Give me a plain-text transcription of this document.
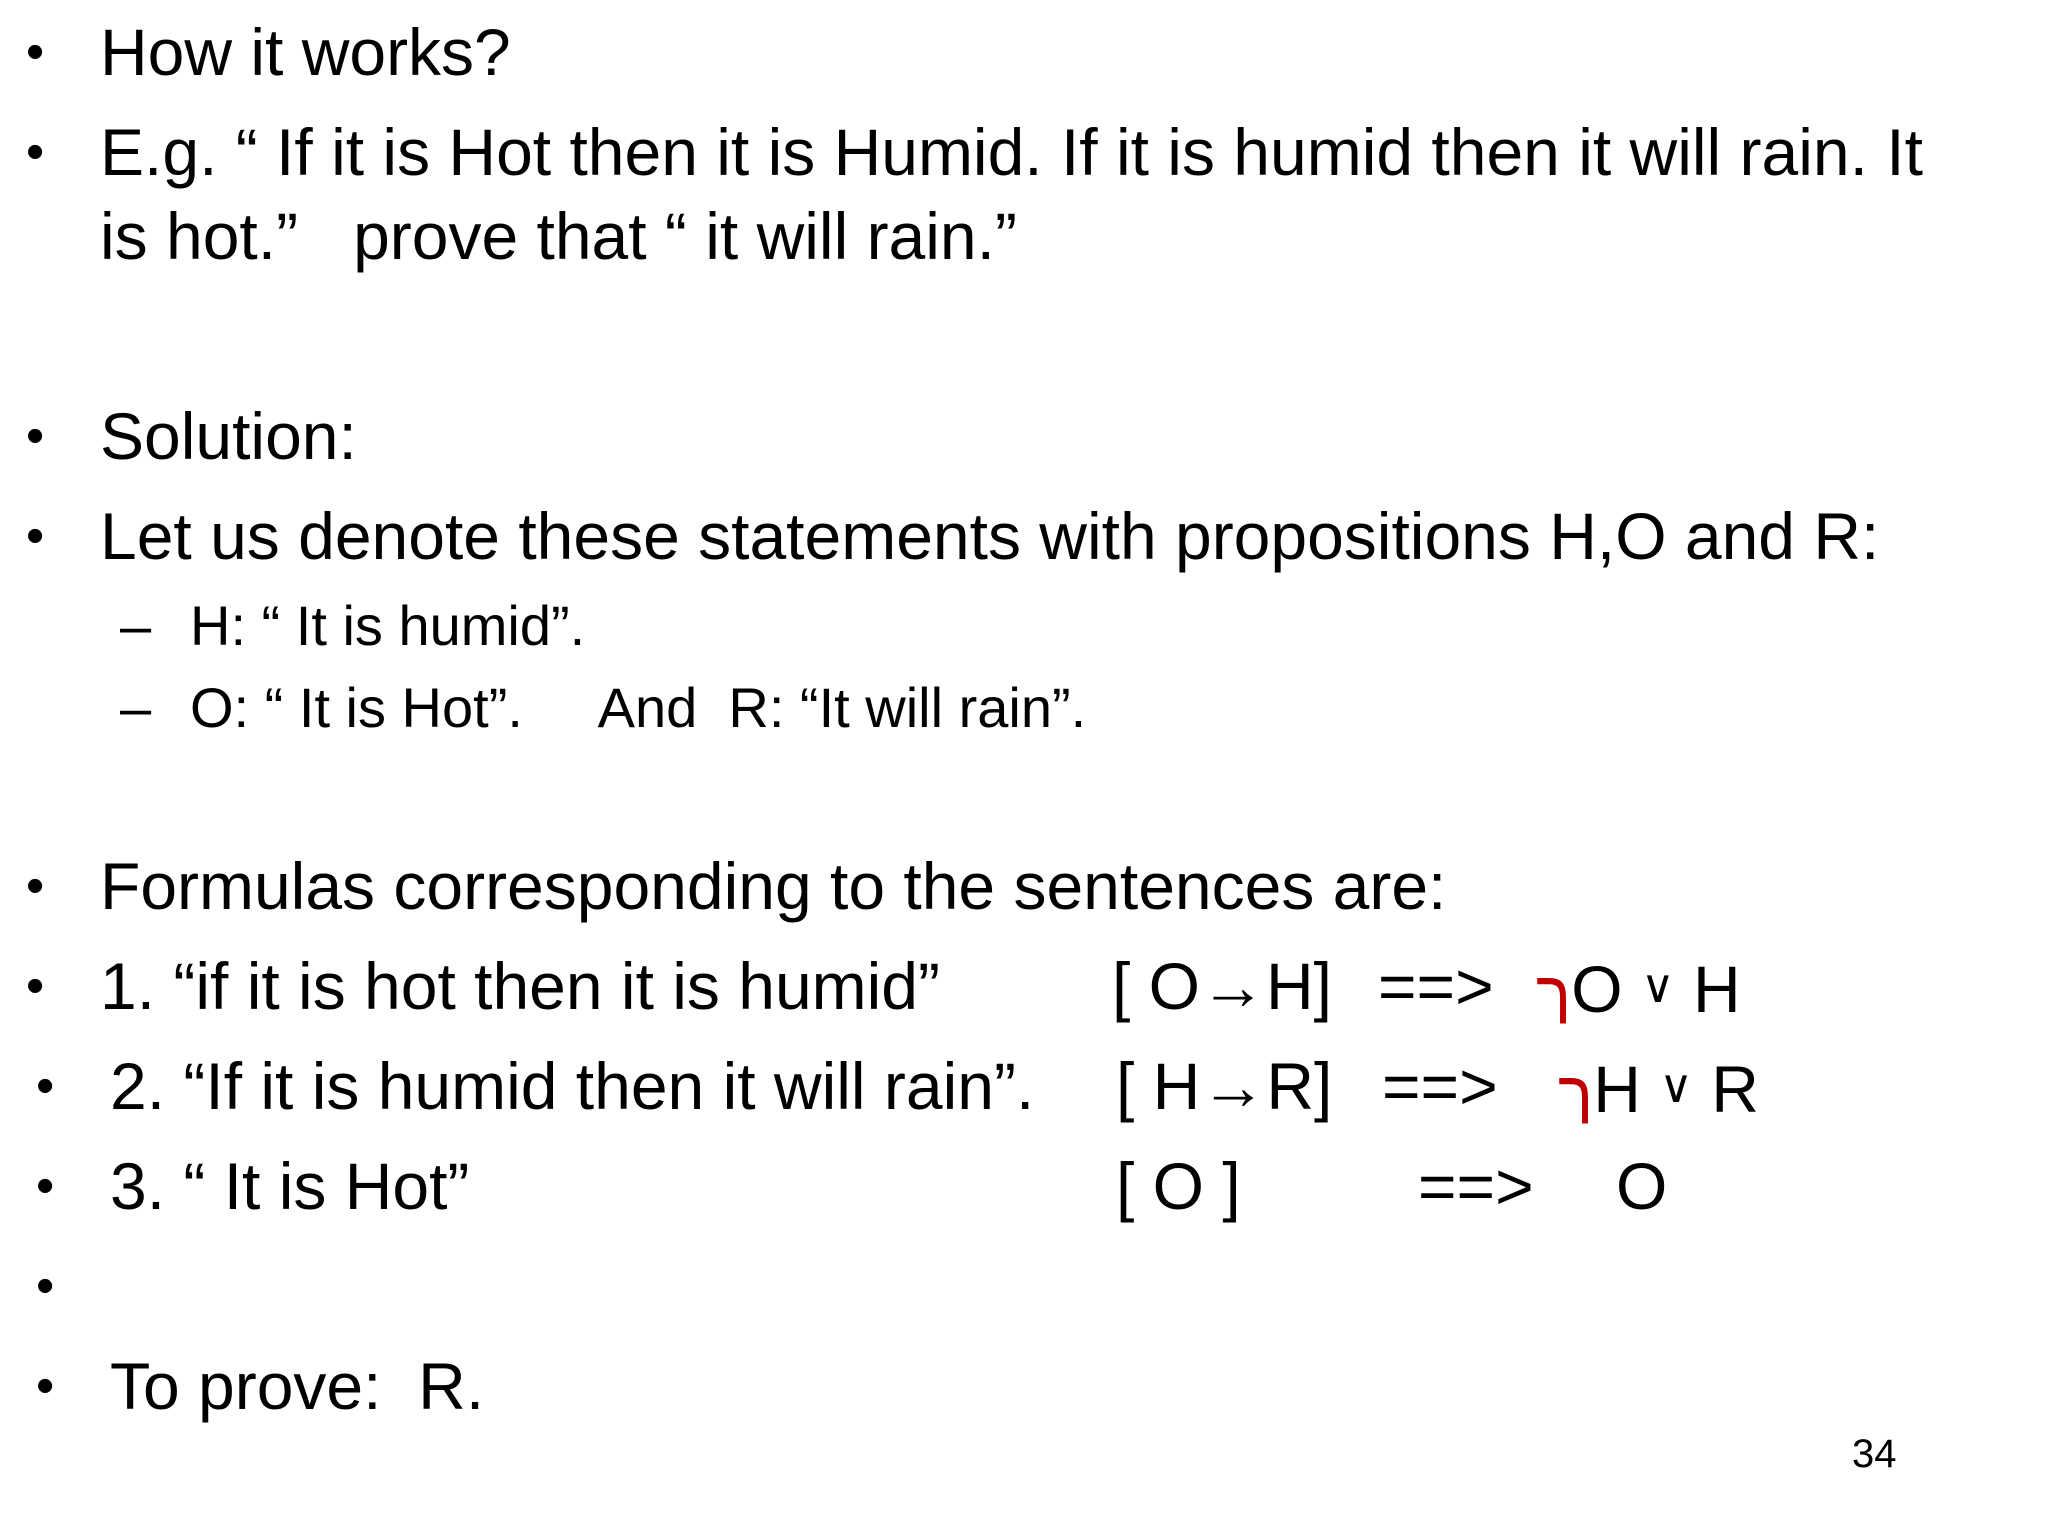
• How it works?
• E.g. “ If it is Hot then it is Humid. If it is humid then it will rain. It
is hot.”   prove that “ it will rain.”
• Solution:
• Let us denote these statements with propositions H,O and R:
– H: “ It is humid”.
– O: “ It is Hot”.     And  R: “It will rain”.
• Formulas corresponding to the sentences are:
• 1. “if it is hot then it is humid”	[ O→H] ==> רO ∨ H
• 2. “If it is humid then it will rain”. [ H→R] ==> רH ∨ R
• 3. “ It is Hot”	[ O ]	==> O
•
• To prove:  R.
34
